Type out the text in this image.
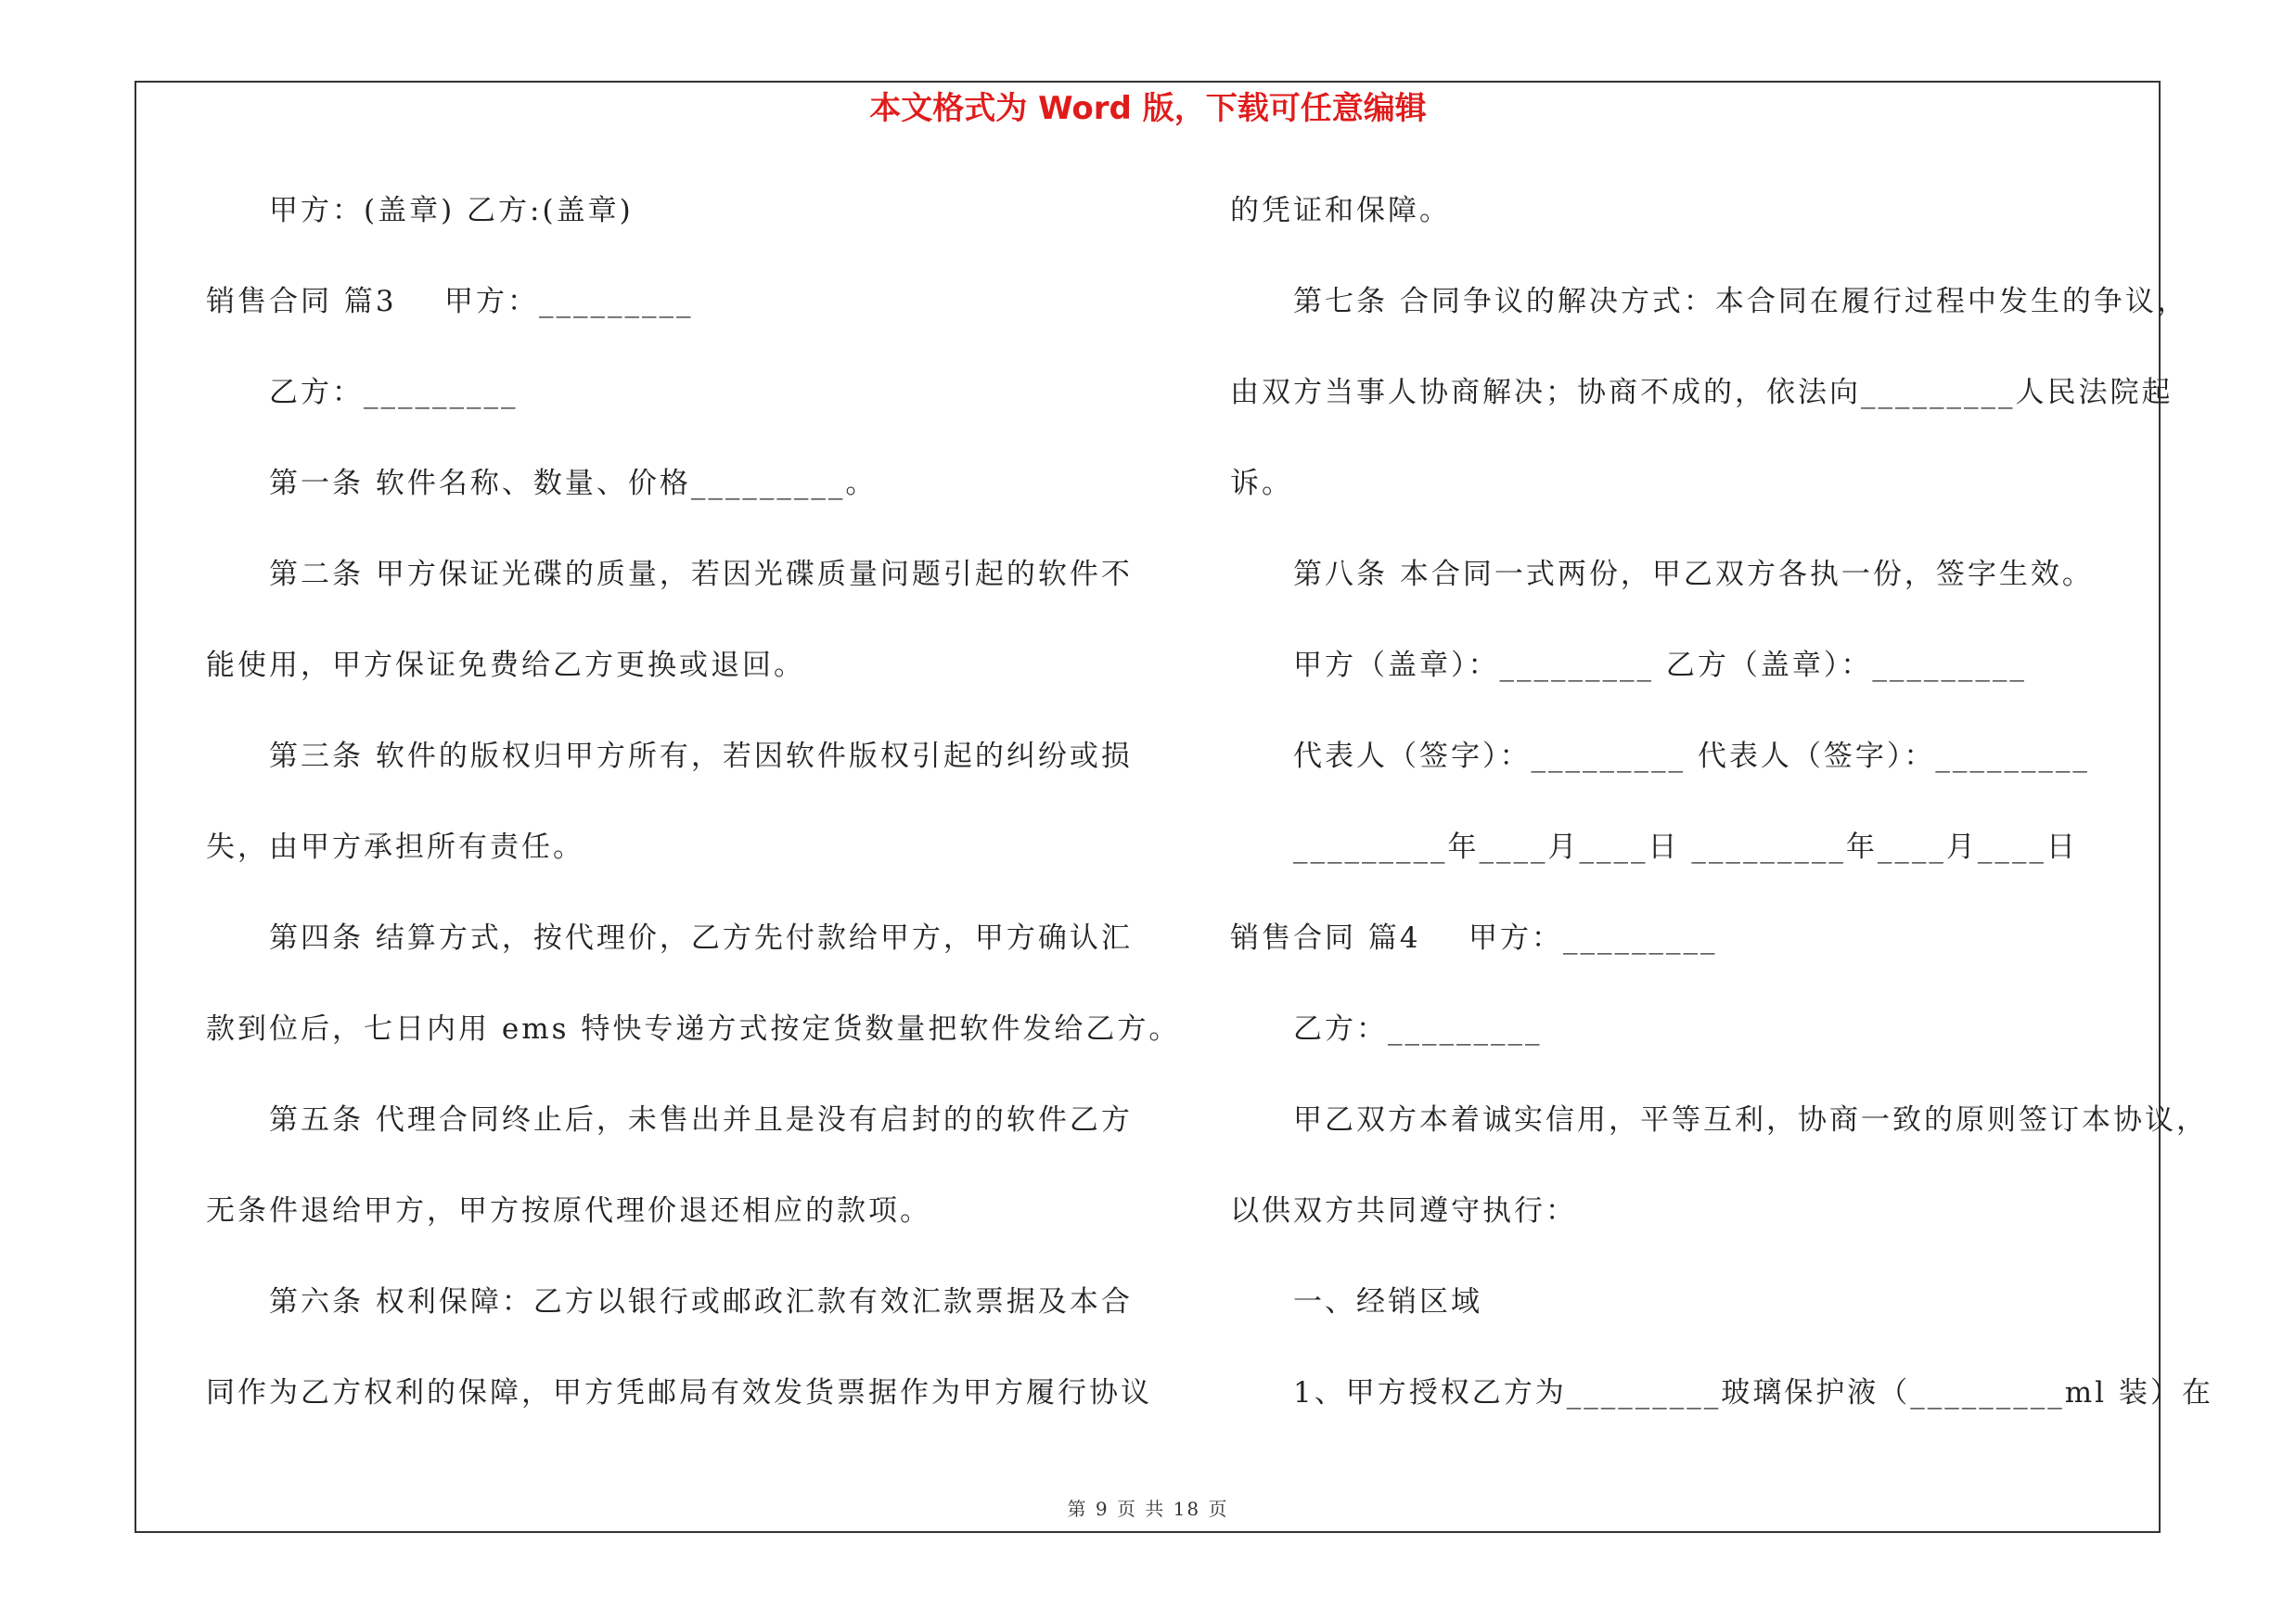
本文格式为 Word 版，下载可任意编辑
甲方：(盖章) 乙方:(盖章)
销售合同 篇3    甲方：_________
乙方：_________
第一条 软件名称、数量、价格_________。
第二条 甲方保证光碟的质量，若因光碟质量问题引起的软件不
能使用，甲方保证免费给乙方更换或退回。
第三条 软件的版权归甲方所有，若因软件版权引起的纠纷或损
失，由甲方承担所有责任。
第四条 结算方式，按代理价，乙方先付款给甲方，甲方确认汇
款到位后，七日内用 ems 特快专递方式按定货数量把软件发给乙方。
第五条 代理合同终止后，未售出并且是没有启封的的软件乙方
无条件退给甲方，甲方按原代理价退还相应的款项。
第六条 权利保障：乙方以银行或邮政汇款有效汇款票据及本合
同作为乙方权利的保障，甲方凭邮局有效发货票据作为甲方履行协议
的凭证和保障。
第七条 合同争议的解决方式：本合同在履行过程中发生的争议，
由双方当事人协商解决；协商不成的，依法向_________人民法院起
诉。
第八条 本合同一式两份，甲乙双方各执一份，签字生效。
甲方（盖章）：_________ 乙方（盖章）：_________
代表人（签字）：_________ 代表人（签字）：_________
_________年____月____日 _________年____月____日
销售合同 篇4    甲方：_________
乙方：_________
甲乙双方本着诚实信用，平等互利，协商一致的原则签订本协议，
以供双方共同遵守执行：
一、经销区域
1、甲方授权乙方为_________玻璃保护液（_________ml 装）在
第 9 页 共 18 页
